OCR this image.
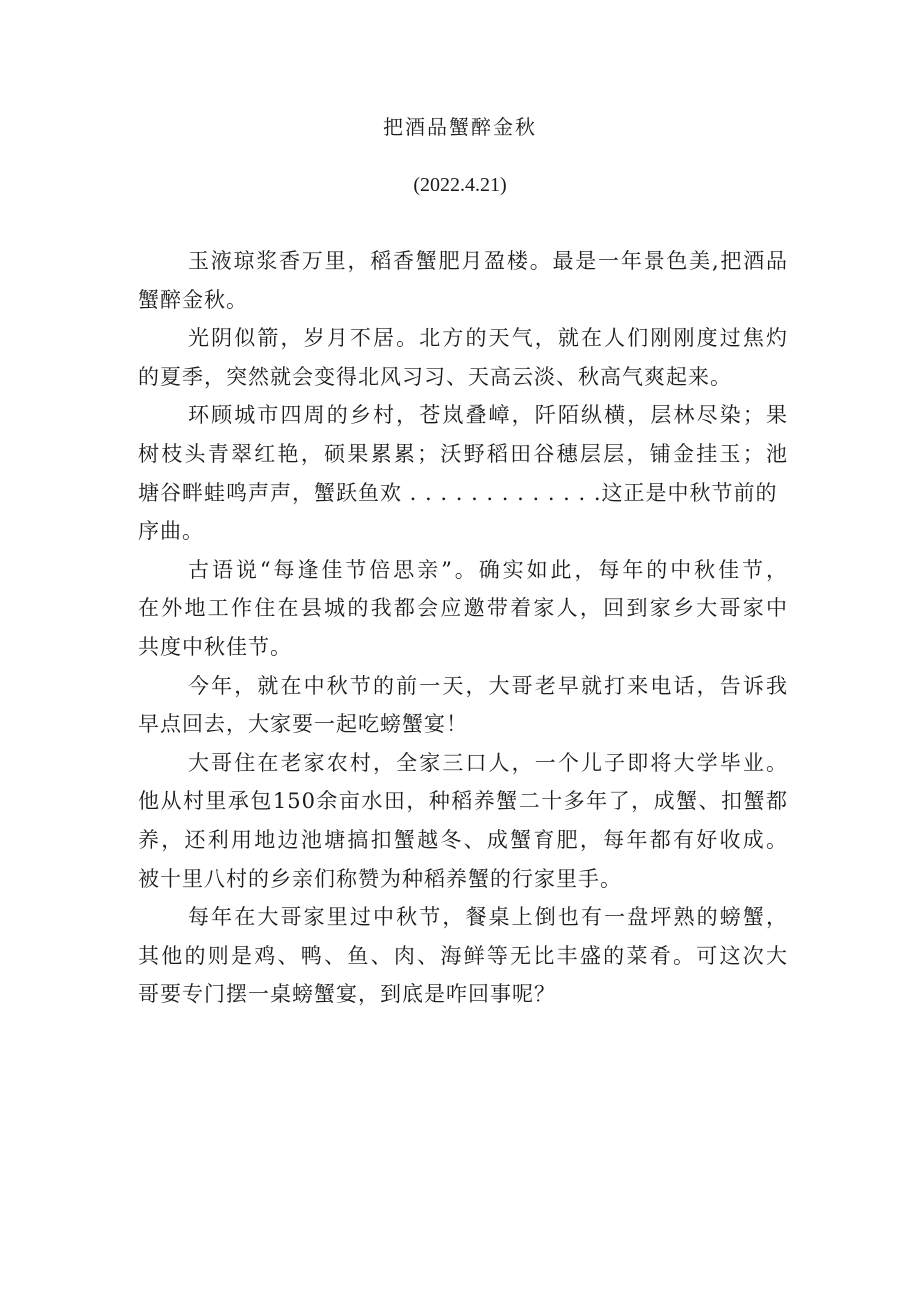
把酒品蟹醉金秋
(2022.4.21)

玉液琼浆香万里，稻香蟹肥月盈楼。最是一年景色美,把酒品
蟹醉金秋。

光阴似箭，岁月不居。北方的天气，就在人们刚刚度过焦灼
的夏季，突然就会变得北风习习、天高云淡、秋高气爽起来。

环顾城市四周的乡村，苍岚叠嶂，阡陌纵横，层林尽染；果
树枝头青翠红艳，硕果累累；沃野稻田谷穗层层，铺金挂玉；池
塘谷畔蛙鸣声声，蟹跃鱼欢 . . . . . . . . . . . . .这正是中秋节前的
序曲。

古语说“每逢佳节倍思亲”。确实如此，每年的中秋佳节，
在外地工作住在县城的我都会应邀带着家人，回到家乡大哥家中
共度中秋佳节。

今年，就在中秋节的前一天，大哥老早就打来电话，告诉我
早点回去，大家要一起吃螃蟹宴！

大哥住在老家农村，全家三口人，一个儿子即将大学毕业。
他从村里承包150余亩水田，种稻养蟹二十多年了，成蟹、扣蟹都
养，还利用地边池塘搞扣蟹越冬、成蟹育肥，每年都有好收成。
被十里八村的乡亲们称赞为种稻养蟹的行家里手。

每年在大哥家里过中秋节，餐桌上倒也有一盘坪熟的螃蟹，
其他的则是鸡、鸭、鱼、肉、海鲜等无比丰盛的菜肴。可这次大
哥要专门摆一桌螃蟹宴，到底是咋回事呢？
